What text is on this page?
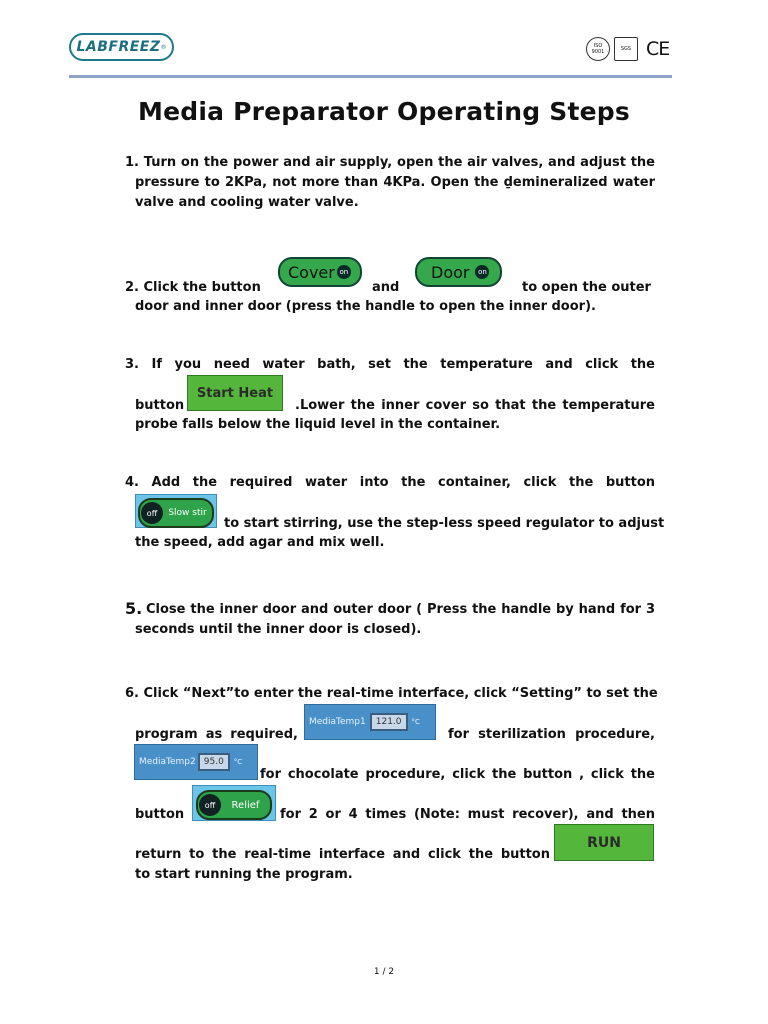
LABFREEZ ®	ISO 9001	SGS CE
Media Preparator Operating Steps
1. Turn on the power and air supply, open the air valves, and adjust the
pressure to 2KPa, not more than 4KPa. Open the ḏemineralized water
valve and cooling water valve.
2. Click the button
Cover on
and
Door	on
to open the outer
door and inner door (press the handle to open the inner door).
3. If you need water bath, set the temperature and click the
button
Start Heat
.Lower the inner cover so that the temperature
probe falls below the liquid level in the container.
4. Add the required water into the container, click the button
off	Slow stir
to start stirring, use the step-less speed regulator to adjust
the speed, add agar and mix well.
5. Close the inner door and outer door ( Press the handle by hand for 3
seconds until the inner door is closed).
6. Click “Next”to enter the real-time interface, click “Setting” to set the
program as required,
MediaTemp1	121.0	°C
for sterilization procedure,
MediaTemp2 95.0	°C
for chocolate procedure, click the button , click the
button
off	Relief
for 2 or 4 times (Note: must recover), and then
return to the real-time interface and click the button
RUN
to start running the program.
1 / 2
